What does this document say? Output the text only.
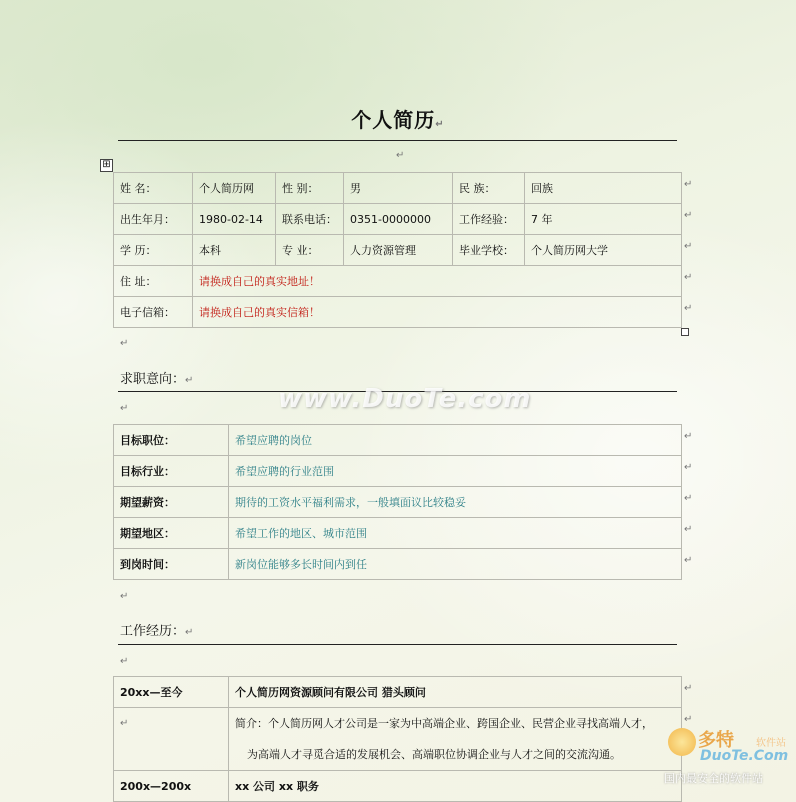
个人简历↵
↵
⊞
姓 名：	个人简历网	性 别：	男	民 族：	回族
出生年月：	1980-02-14	联系电话：	0351-0000000	工作经验：	7 年
学 历：	本科	专 业：	人力资源管理	毕业学校：	个人简历网大学
住 址：	请换成自己的真实地址！				
电子信箱：	请换成自己的真实信箱！				
↵
求职意向：↵
↵
目标职位：	希望应聘的岗位
目标行业：	希望应聘的行业范围
期望薪资：	期待的工资水平福利需求，一般填面议比较稳妥
期望地区：	希望工作的地区、城市范围
到岗时间：	新岗位能够多长时间内到任
↵
工作经历：↵
↵
20xx—至今	个人简历网资源顾问有限公司 猎头顾问
↵	简介：个人简历网人才公司是一家为中高端企业、跨国企业、民营企业寻找高端人才，
为高端人才寻觅合适的发展机会、高端职位协调企业与人才之间的交流沟通。

200x—200x	xx 公司 xx 职务
↵
↵
↵
↵
↵
↵
↵
↵
↵
↵
↵
↵
www.DuoTe.com
多特 软件站
DuoTe.Com
国内最安全的软件站
